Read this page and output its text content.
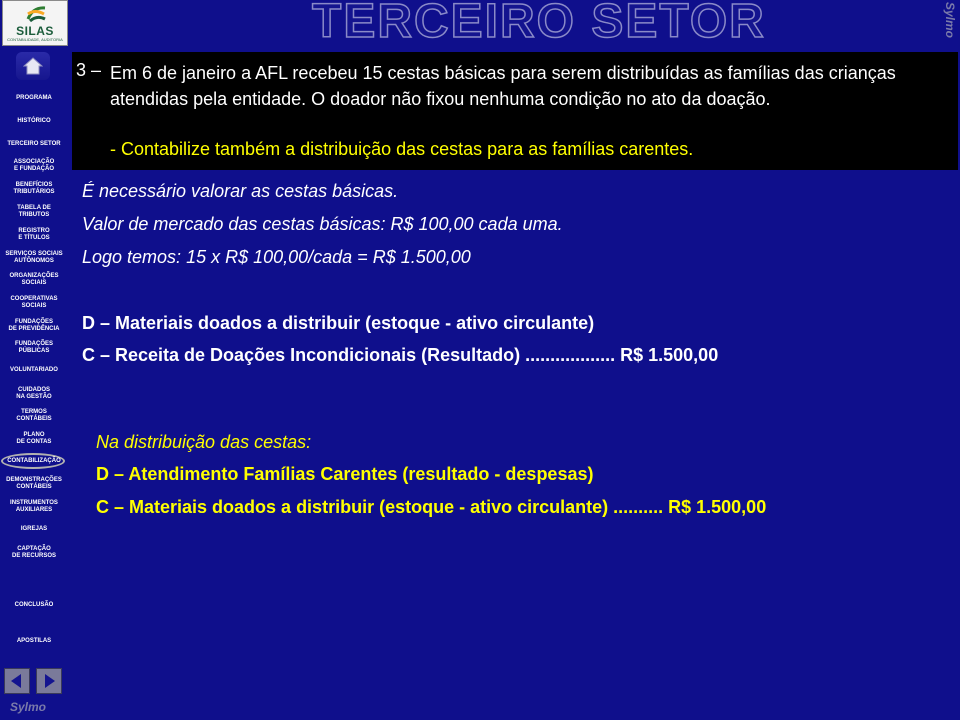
SILAS
CONTABILIDADE, AUDITORIA
PROGRAMA
HISTÓRICO
TERCEIRO SETOR
ASSOCIAÇÃO
E FUNDAÇÃO
BENEFÍCIOS
TRIBUTÁRIOS
TABELA DE
TRIBUTOS
REGISTRO
E TÍTULOS
SERVIÇOS SOCIAIS
AUTÔNOMOS
ORGANIZAÇÕES
SOCIAIS
COOPERATIVAS
SOCIAIS
FUNDAÇÕES
DE PREVIDÊNCIA
FUNDAÇÕES
PÚBLICAS
VOLUNTARIADO
CUIDADOS
NA GESTÃO
TERMOS
CONTÁBEIS
PLANO
DE CONTAS
CONTABILIZAÇÃO
DEMONSTRAÇÕES
CONTÁBEIS
INSTRUMENTOS
AUXILIARES
IGREJAS
CAPTAÇÃO
DE RECURSOS
CONCLUSÃO
APOSTILAS
Sylmo
TERCEIRO SETOR	Sylmo
3 – Em 6 de janeiro a AFL recebeu 15 cestas básicas para serem distribuídas as famílias das crianças atendidas pela entidade. O doador não fixou nenhuma condição no ato da doação.
- Contabilize também a distribuição das cestas para as famílias carentes.
É necessário valorar as cestas básicas.
Valor de mercado das cestas básicas: R$ 100,00 cada uma.
Logo temos: 15 x R$ 100,00/cada = R$ 1.500,00
D – Materiais doados a distribuir (estoque - ativo circulante)
C – Receita de Doações Incondicionais (Resultado) .................. R$ 1.500,00
Na distribuição das cestas:
D – Atendimento Famílias Carentes (resultado - despesas)
C – Materiais doados a distribuir (estoque - ativo circulante) .......... R$ 1.500,00
